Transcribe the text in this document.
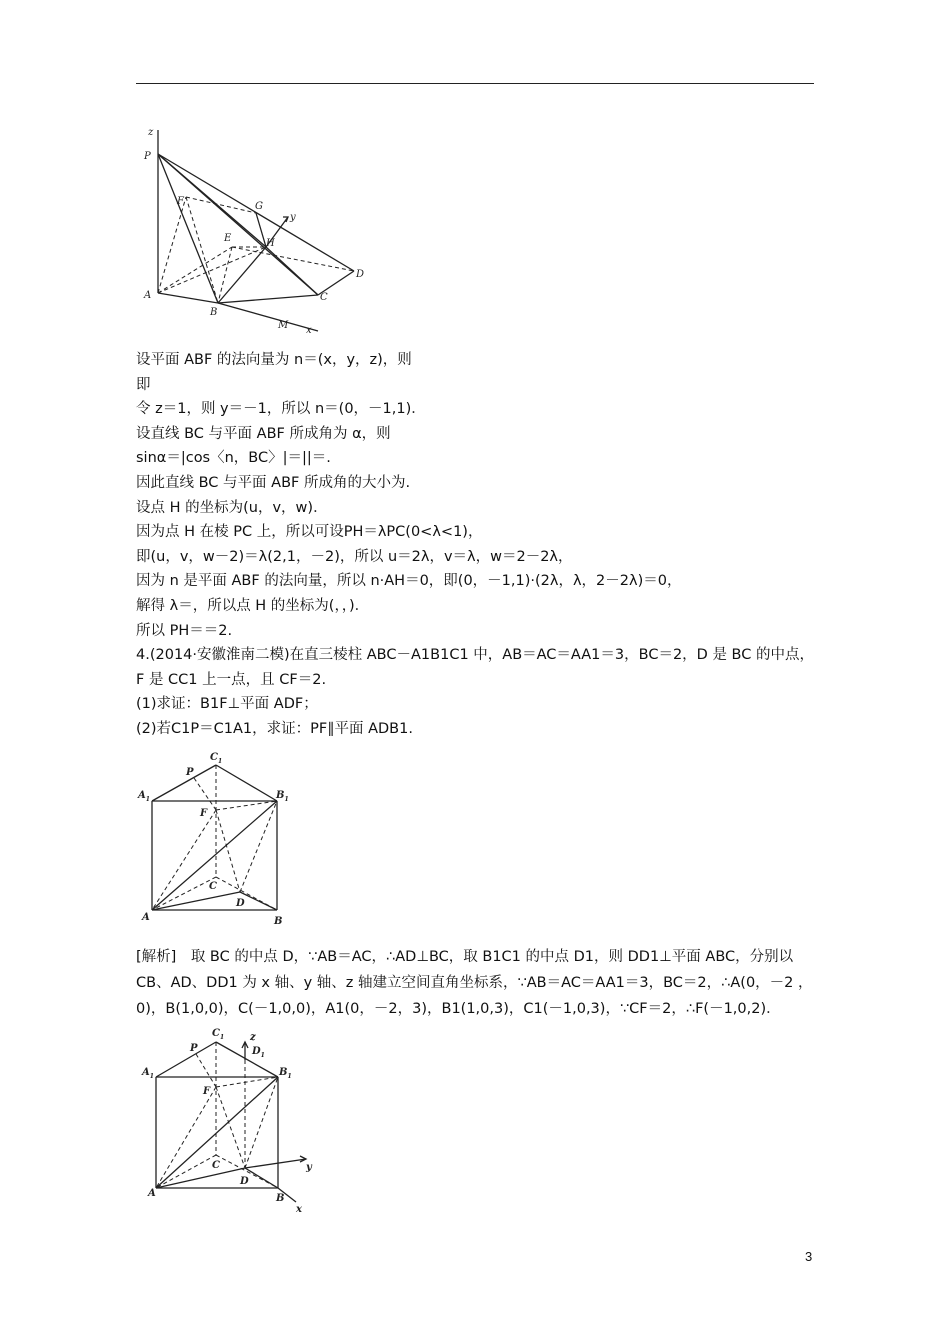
z
P
F	G
y
E	H
D
A	C
B
M x
设平面 ABF 的法向量为 n＝(x，y，z)，则
即
令 z＝1，则 y＝－1，所以 n＝(0，－1,1)．
设直线 BC 与平面 ABF 所成角为 α，则
sinα＝|cos〈n，BC〉|＝||＝.
因此直线 BC 与平面 ABF 所成角的大小为.
设点 H 的坐标为(u，v，w)．
因为点 H 在棱 PC 上，所以可设PH＝λPC(0<λ<1)，
即(u，v，w－2)＝λ(2,1，－2)，所以 u＝2λ，v＝λ，w＝2－2λ，
因为 n 是平面 ABF 的法向量，所以 n·AH＝0，即(0，－1,1)·(2λ，λ，2－2λ)＝0，
解得 λ＝，所以点 H 的坐标为(，，)．
所以 PH＝＝2.
4.(2014·安徽淮南二模)在直三棱柱 ABC－A1B1C1 中，AB＝AC＝AA1＝3，BC＝2，D 是 BC 的中点，
F 是 CC1 上一点，且 CF＝2.
(1)求证：B1F⊥平面 ADF；
(2)若C1P＝C1A1，求证：PF∥平面 ADB1.
$C_1$
P
$A_1$	$B_1$
F
C
D
A	B
[解析]　取 BC 的中点 D，∵AB＝AC，∴AD⊥BC，取 B1C1 的中点 D1，则 DD1⊥平面 ABC，分别以 CB、AD、DD1 为 x 轴、y 轴、z 轴建立空间直角坐标系，∵AB＝AC＝AA1＝3，BC＝2，∴A(0，－2 ，0)，B(1,0,0)，C(－1,0,0)，A1(0，－2，3)，B1(1,0,3)，C1(－1,0,3)，∵CF＝2，∴F(－1,0,2)．
$C_1$	z
P	$D_1$
$A_1$	$B_1$
F
C	y
A
D
B
x
3
